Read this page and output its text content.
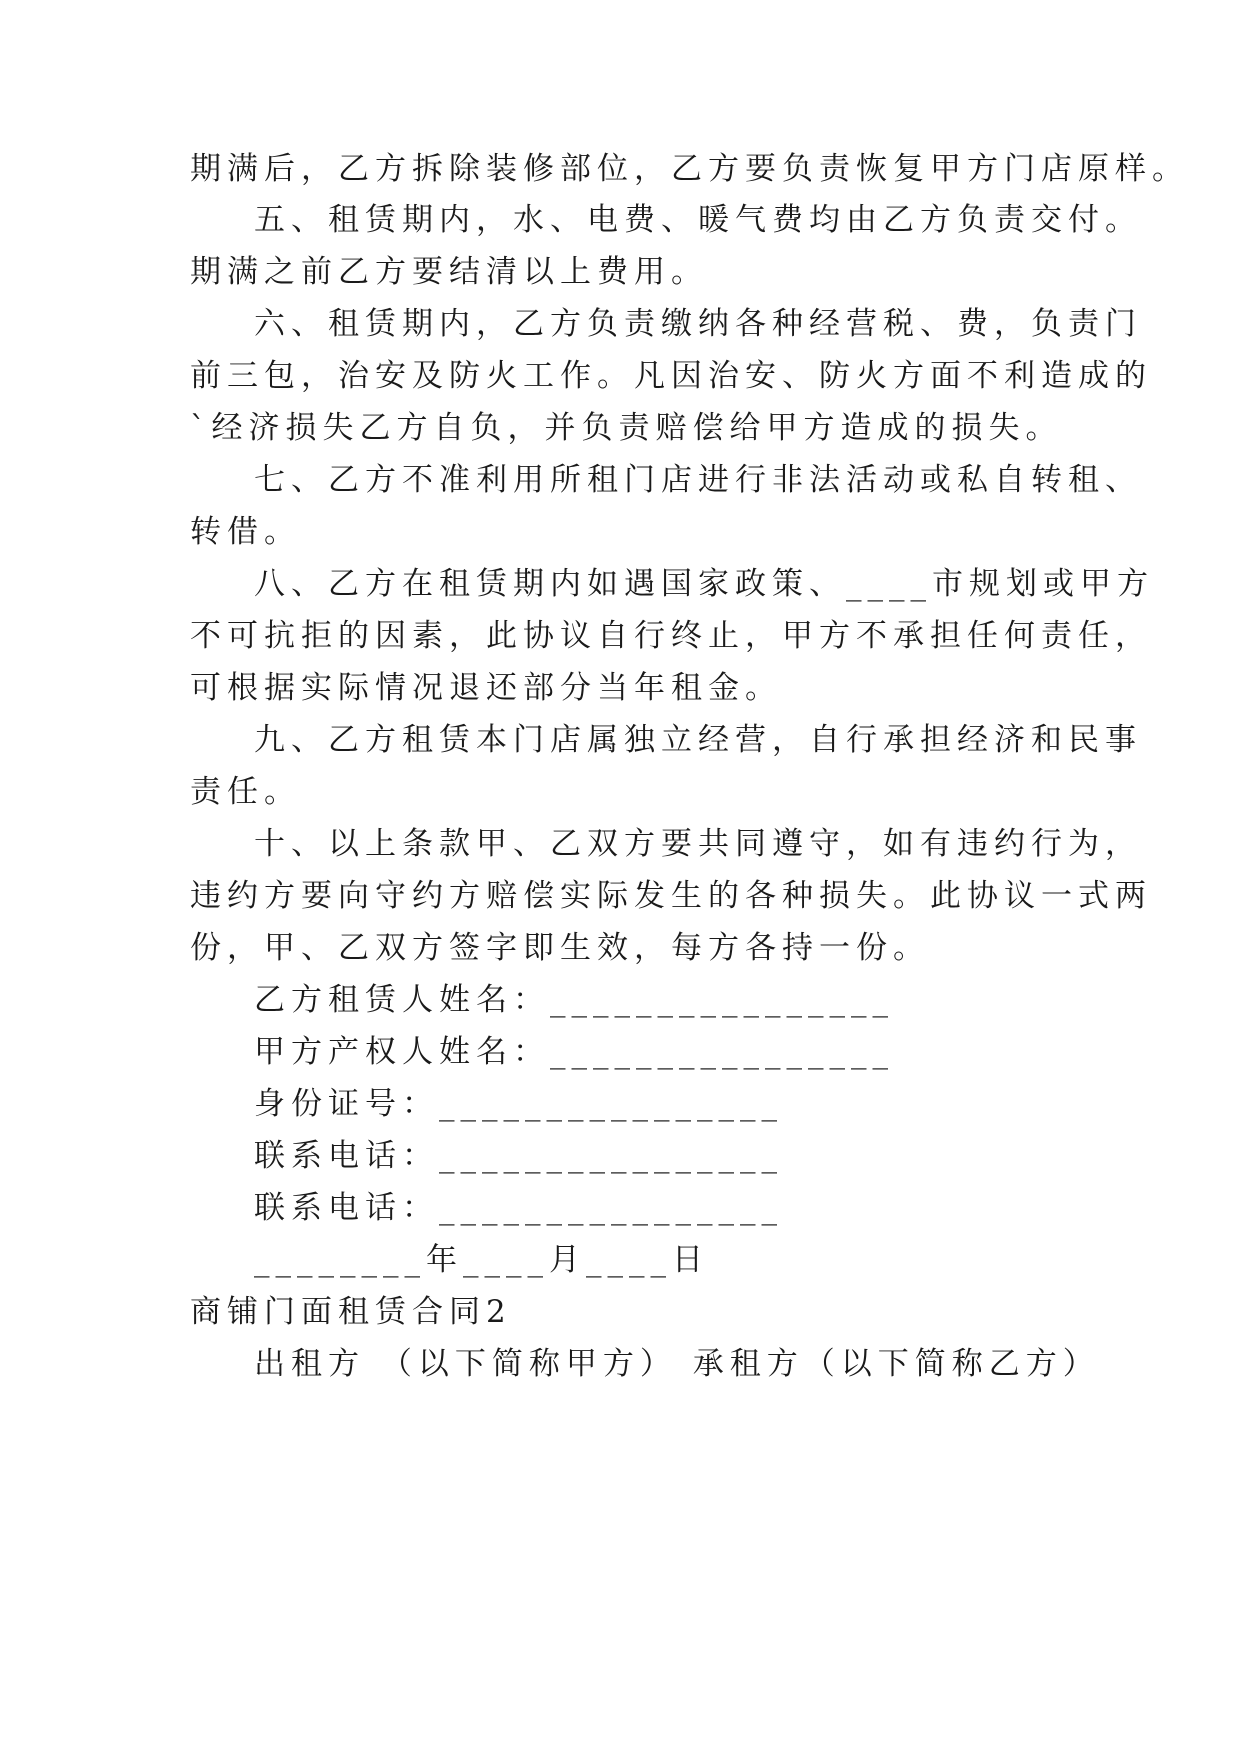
期满后，乙方拆除装修部位，乙方要负责恢复甲方门店原样。
五、租赁期内，水、电费、暖气费均由乙方负责交付。
期满之前乙方要结清以上费用。
六、租赁期内，乙方负责缴纳各种经营税、费，负责门
前三包，治安及防火工作。凡因治安、防火方面不利造成的
`经济损失乙方自负，并负责赔偿给甲方造成的损失。
七、乙方不准利用所租门店进行非法活动或私自转租、
转借。
八、乙方在租赁期内如遇国家政策、____市规划或甲方
不可抗拒的因素，此协议自行终止，甲方不承担任何责任，
可根据实际情况退还部分当年租金。
九、乙方租赁本门店属独立经营，自行承担经济和民事
责任。
十、以上条款甲、乙双方要共同遵守，如有违约行为，
违约方要向守约方赔偿实际发生的各种损失。此协议一式两
份，甲、乙双方签字即生效，每方各持一份。
乙方租赁人姓名：________________
甲方产权人姓名：________________
身份证号：________________
联系电话：________________
联系电话：________________
________年____月____日
商铺门面租赁合同2
出租方 （以下简称甲方） 承租方（以下简称乙方）
